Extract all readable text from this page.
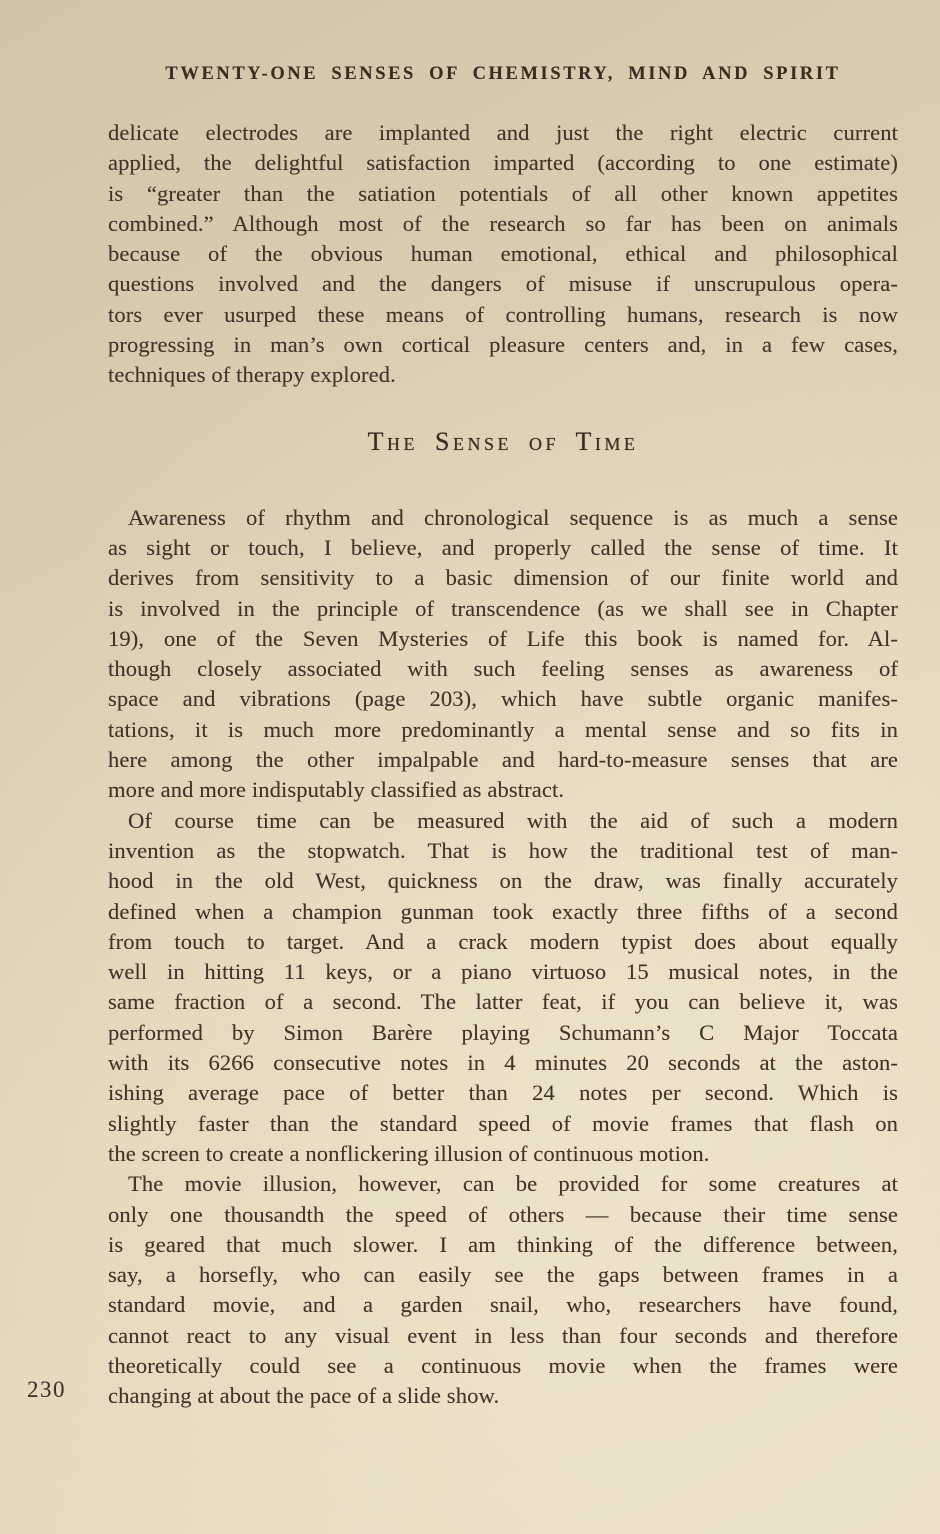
TWENTY-ONE SENSES OF CHEMISTRY, MIND AND SPIRIT
delicate electrodes are implanted and just the right electric current
applied, the delightful satisfaction imparted (according to one estimate)
is “greater than the satiation potentials of all other known appetites
combined.” Although most of the research so far has been on animals
because of the obvious human emotional, ethical and philosophical
questions involved and the dangers of misuse if unscrupulous opera-
tors ever usurped these means of controlling humans, research is now
progressing in man’s own cortical pleasure centers and, in a few cases,
techniques of therapy explored.
The Sense of Time
Awareness of rhythm and chronological sequence is as much a sense
as sight or touch, I believe, and properly called the sense of time. It
derives from sensitivity to a basic dimension of our finite world and
is involved in the principle of transcendence (as we shall see in Chapter
19), one of the Seven Mysteries of Life this book is named for. Al-
though closely associated with such feeling senses as awareness of
space and vibrations (page 203), which have subtle organic manifes-
tations, it is much more predominantly a mental sense and so fits in
here among the other impalpable and hard-to-measure senses that are
more and more indisputably classified as abstract.
Of course time can be measured with the aid of such a modern
invention as the stopwatch. That is how the traditional test of man-
hood in the old West, quickness on the draw, was finally accurately
defined when a champion gunman took exactly three fifths of a second
from touch to target. And a crack modern typist does about equally
well in hitting 11 keys, or a piano virtuoso 15 musical notes, in the
same fraction of a second. The latter feat, if you can believe it, was
performed by Simon Barère playing Schumann’s C Major Toccata
with its 6266 consecutive notes in 4 minutes 20 seconds at the aston-
ishing average pace of better than 24 notes per second. Which is
slightly faster than the standard speed of movie frames that flash on
the screen to create a nonflickering illusion of continuous motion.
The movie illusion, however, can be provided for some creatures at
only one thousandth the speed of others — because their time sense
is geared that much slower. I am thinking of the difference between,
say, a horsefly, who can easily see the gaps between frames in a
standard movie, and a garden snail, who, researchers have found,
cannot react to any visual event in less than four seconds and therefore
theoretically could see a continuous movie when the frames were
changing at about the pace of a slide show.
230
